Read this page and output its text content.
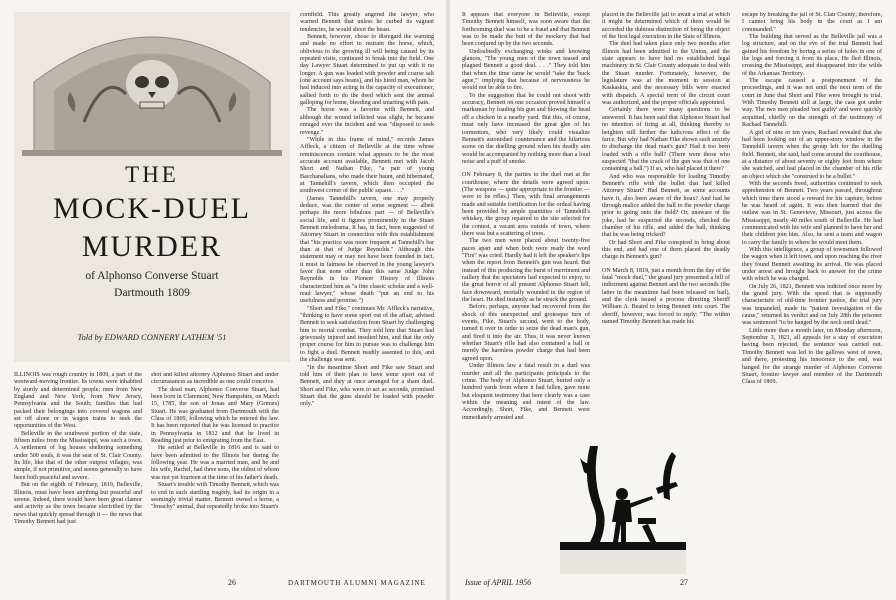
THE
MOCK-DUEL
MURDER
of Alphonso Converse Stuart
Dartmouth 1809
Told by EDWARD CONNERY LATHEM '51

ILLINOIS was rough country in 1809, a part of the westward-moving frontier. Its towns were inhabited by sturdy and determined people; men from New England and New York, from New Jersey, Pennsylvania and the South; families that had packed their belongings into covered wagons and set off alone or in wagon trains to seek the opportunities of the West.

Belleville in the southwest portion of the state, fifteen miles from the Mississippi, was such a town. A settlement of log houses sheltering something under 500 souls, it was the seat of St. Clair County. Its life, like that of the other outpost villages, was simple, if not primitive, and seems generally to have been both peaceful and severe.

But on the eighth of February, 1819, Belleville, Illinois, must have been anything but peaceful and serene. Indeed, there would have been great clamor and activity as the town became electrified by the news that quickly spread through it — the news that Timothy Bennett had just

shot and killed attorney Alphonso Stuart and under circumstances as incredible as one could conceive.

The dead man, Alphonso Converse Stuart, had been born in Claremont, New Hampshire, on March 15, 1785, the son of Jonas and Mary (Grimes) Stuart. He was graduated from Dartmouth with the Class of 1809, following which he entered the law. It has been reported that he was licensed to practice in Pennsylvania in 1812 and that he lived in Reading just prior to emigrating from the East.

He settled at Belleville in 1816 and is said to have been admitted to the Illinois bar during the following year. He was a married man, and he and his wife, Rachel, had three sons, the oldest of whom was not yet fourteen at the time of his father's death.

Stuart's trouble with Timothy Bennett, which was to end in such startling tragedy, had its origin in a seemingly trivial matter. Bennett owned a horse, a "breachy" animal, that repeatedly broke into Stuart's

cornfield. This greatly angered the lawyer, who warned Bennett that unless he curbed its vagrant tendencies, he would shoot the beast.

Bennett, however, chose to disregard the warning and made no effort to restrain the horse, which, oblivious to the growing ill will being caused by its repeated visits, continued to break into the field. One day Lawyer Stuart determined to put up with it no longer. A gun was loaded with powder and coarse salt (one account says beans), and his hired man, whom he had induced into acting in the capacity of executioner, sallied forth to do the deed which sent the animal galloping for home, bleeding and smarting with pain.

The horse was a favorite with Bennett, and although the wound inflicted was slight, he became enraged over the incident and was "disposed to seek revenge."

"While in this frame of mind," records James Affleck, a citizen of Belleville at the time whose reminiscences contain what appears to be the most accurate account available, Bennett met with Jacob Short and Nathan Fike, "a pair of young Bacchanalians, who made their haunt, and hibernated, at Tannehill's tavern, which then occupied the southwest corner of the public square. . . ."

(James Tannehill's tavern, one may properly deduce, was the center of some segment — albeit perhaps the more bibulous part — of Belleville's social life, and it figures prominently in the Stuart Bennett melodrama. It has, in fact, been suggested of Attorney Stuart in connection with this establishment that "his practice was more frequent at Tannehill's bar than at that of Judge Reynolds." Although this statement may or may not have been founded in fact, it must in fairness be observed in the young lawyer's favor that none other than this same Judge John Reynolds in his Pioneer History of Illinois characterized him as "a fine classic scholar and a well-read lawyer," whose death "put an end to his usefulness and promise.")

"Short and Fike," continues Mr. Affleck's narrative, "thinking to have some sport out of the affair, advised Bennett to seek satisfaction from Stuart by challenging him to mortal combat. They told him that Stuart had grievously injured and insulted him, and that the only proper course for him to pursue was to challenge him to fight a duel. Bennett readily assented to this, and the challenge was sent.

"In the meantime Short and Fike saw Stuart and told him of their plan to have some sport out of Bennett, and they at once arranged for a sham duel. Short and Fike, who were to act as seconds, promised Stuart that the guns should be loaded with powder only."

26	DARTMOUTH ALUMNI MAGAZINE

It appears that everyone in Belleville, except Timothy Bennett himself, was soon aware that the forthcoming duel was to be a fraud and that Bennett was to be made the butt of the mockery that had been conjured up by the two seconds.

Undoubtedly exchanging winks and knowing glances, "The young men of the town teased and plagued Bennett a good deal. . . ." They told him that when the time came he would "take the 'buck ague,'" implying that because of nervousness he would not be able to fire.

To the suggestion that he could not shoot with accuracy, Bennett on one occasion proved himself a marksman by loading his gun and blowing the head off a chicken in a nearby yard. But this, of course, must only have increased the great glee of his tormentors, who very likely could visualize Bennett's astonished countenance and the hilarious scene on the duelling ground when his deadly aim would be accompanied by nothing more than a loud noise and a puff of smoke.

ON February 8, the parties to the duel met at the courthouse, where the details were agreed upon. (The weapons — quite appropriate to the frontier — were to be rifles.) Then, with final arrangements made and suitable fortification for the ordeal having been provided by ample quantities of Tannehill's whiskey, the group repaired to the site selected for the contest, a vacant area outside of town, where there was but a scattering of trees.

The two men were placed about twenty-five paces apart and when both were ready the word "Fire" was cried. Hardly had it left the speaker's lips when the report from Bennett's gun was heard. But instead of this producing the burst of merriment and raillery that the spectators had expected to enjoy, to the great horror of all present Alphonso Stuart fell, face downward, mortally wounded in the region of the heart. He died instantly as he struck the ground.

Before, perhaps, anyone had recovered from the shock of this unexpected and grotesque turn of events, Fike, Stuart's second, went to the body, turned it over in order to seize the dead man's gun, and fired it into the air. Thus, it was never known whether Stuart's rifle had also contained a ball or merely the harmless powder charge that had been agreed upon.

Under Illinois law a fatal result in a duel was murder and all the participants principals to the crime. The body of Alphonso Stuart, buried only a hundred yards from where it had fallen, gave mute but eloquent testimony that here clearly was a case within the meaning and intent of the law. Accordingly, Short, Fike, and Bennett were immediately arrested and

placed in the Belleville jail to await a trial at which it might be determined which of them would be accorded the dubious distinction of being the object of the first legal execution in the State of Illinois.

The duel had taken place only two months after Illinois had been admitted to the Union, and the state appears to have had no established legal machinery in St. Clair County adequate to deal with the Stuart murder. Fortunately, however, the legislature was at the moment in session at Kaskaskia, and the necessary bills were enacted with dispatch. A special term of the circuit court was authorized, and the proper officials appointed.

Certainly there were many questions to be answered. It has been said that Alphonso Stuart had no intention of firing at all, thinking thereby to heighten still further the ludicrous effect of the farce. But why had Nathan Fike shown such anxiety to discharge the dead man's gun? Had it too been loaded with a rifle ball? (There were those who suspected "that the crack of the gun was that of one containing a ball.") If so, who had placed it there?

And who was responsible for loading Timothy Bennett's rifle with the bullet that had killed Attorney Stuart? Had Bennett, as some accounts have it, also been aware of the hoax? And had he through malice added the ball to the powder charge prior to going onto the field? Or, unaware of the joke, had he suspected the seconds, checked the chamber of his rifle, and added the ball, thinking that he was being tricked?

Or had Short and Fike conspired to bring about this end, and had one of them placed the deadly charge in Bennett's gun?

ON March 8, 1819, just a month from the day of the fatal "mock duel," the grand jury presented a bill of indictment against Bennett and the two seconds (the latter in the meantime had been released on bail), and the clerk issued a process directing Sheriff William A. Beaird to bring Bennett into court. The sheriff, however, was forced to reply: "The within named Timothy Bennett has made his

escape by breaking the jail of St. Clair County; therefore, I cannot bring his body in the court as I am commanded."

The building that served as the Belleville jail was a log structure, and on the eve of the trial Bennett had gained his freedom by boring a series of holes in one of the logs and forcing it from its place. He fled Illinois, crossing the Mississippi, and disappeared into the wilds of the Arkansas Territory.

The escape caused a postponement of the proceedings, and it was not until the next term of the court in June that Short and Fike were brought to trial. With Timothy Bennett still at large, the case got under way. The two men pleaded 'not guilty' and were quickly acquitted, chiefly on the strength of the testimony of Rachael Tannehill.

A girl of nine or ten years, Rachael revealed that she had been looking out of an upper-story window in the Tannehill tavern when the group left for the duelling field. Bennett, she said, had come around the courthouse, at a distance of about seventy or eighty feet from where she watched, and had placed in the chamber of his rifle an object which she "construed to be a bullet."

With the seconds freed, authorities continued to seek apprehension of Bennett. Two years passed, throughout which time there stood a reward for his capture, before he was heard of again. It was then learned that the outlaw was in St. Genevieve, Missouri, just across the Mississippi, nearly 40 miles south of Belleville. He had communicated with his wife and planned to have her and their children join him. Also, he sent a team and wagon to carry the family to where he would meet them.

With this intelligence, a group of townsmen followed the wagon when it left town, and upon reaching the river they found Bennett awaiting its arrival. He was placed under arrest and brought back to answer for the crime with which he was charged.

On July 26, 1821, Bennett was indicted once more by the grand jury. With the speed that is supposedly characteristic of old-time frontier justice, the trial jury was impaneled, made its "patient investigation of the cause," returned its verdict and on July 28th the prisoner was sentenced "to be hanged by the neck until dead."

Little more than a month later, on Monday afternoon, September 3, 1821, all appeals for a stay of execution having been rejected, the sentence was carried out. Timothy Bennett was led to the gallows west of town, and there, protesting his innocence to the end, was hanged for the strange murder of Alphonso Converse Stuart, frontier lawyer and member of the Dartmouth Class of 1809.

Issue of APRIL 1956	27
